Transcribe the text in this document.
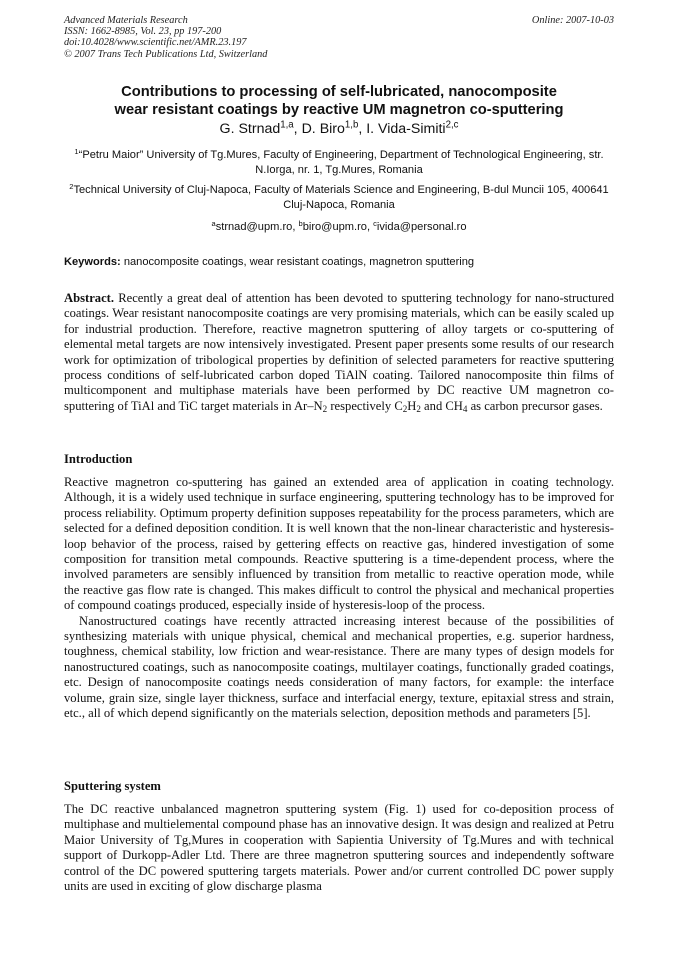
Advanced Materials Research
ISSN: 1662-8985, Vol. 23, pp 197-200
doi:10.4028/www.scientific.net/AMR.23.197
© 2007 Trans Tech Publications Ltd, Switzerland
Online: 2007-10-03
Contributions to processing of self-lubricated, nanocomposite
wear resistant coatings by reactive UM magnetron co-sputtering
G. Strnad$^{1,a}$, D. Biro$^{1,b}$, I. Vida-Simiti$^{2,c}$
$^1$“Petru Maior” University of Tg.Mures, Faculty of Engineering, Department of Technological Engineering, str. N.Iorga, nr. 1, Tg.Mures, Romania
$^2$Technical University of Cluj-Napoca, Faculty of Materials Science and Engineering, B-dul Muncii 105, 400641 Cluj-Napoca, Romania
$^a$strnad@upm.ro, $^b$biro@upm.ro, $^c$ivida@personal.ro
Keywords: nanocomposite coatings, wear resistant coatings, magnetron sputtering

Abstract. Recently a great deal of attention has been devoted to sputtering technology for nano-structured coatings. Wear resistant nanocomposite coatings are very promising materials, which can be easily scaled up for industrial production. Therefore, reactive magnetron sputtering of alloy targets or co-sputtering of elemental metal targets are now intensively investigated. Present paper presents some results of our research work for optimization of tribological properties by definition of selected parameters for reactive sputtering process conditions of self-lubricated carbon doped TiAlN coating. Tailored nanocomposite thin films of multicomponent and multiphase materials have been performed by DC reactive UM magnetron co-sputtering of TiAl and TiC target materials in $Ar-N_2$ respectively $C_2H_2$ and $CH_4$ as carbon precursor gases.

Introduction

Reactive magnetron co-sputtering has gained an extended area of application in coating technology. Although, it is a widely used technique in surface engineering, sputtering technology has to be improved for process reliability. Optimum property definition supposes repeatability for the process parameters, which are selected for a defined deposition condition. It is well known that the non-linear characteristic and hysteresis-loop behavior of the process, raised by gettering effects on reactive gas, hindered investigation of some composition for transition metal compounds. Reactive sputtering is a time-dependent process, where the involved parameters are sensibly influenced by transition from metallic to reactive operation mode, while the reactive gas flow rate is changed. This makes difficult to control the physical and mechanical properties of compound coatings produced, especially inside of hysteresis-loop of the process.

Nanostructured coatings have recently attracted increasing interest because of the possibilities of synthesizing materials with unique physical, chemical and mechanical properties, e.g. superior hardness, toughness, chemical stability, low friction and wear-resistance. There are many types of design models for nanostructured coatings, such as nanocomposite coatings, multilayer coatings, functionally graded coatings, etc. Design of nanocomposite coatings needs consideration of many factors, for example: the interface volume, grain size, single layer thickness, surface and interfacial energy, texture, epitaxial stress and strain, etc., all of which depend significantly on the materials selection, deposition methods and parameters [5].

Sputtering system

The DC reactive unbalanced magnetron sputtering system (Fig. 1) used for co-deposition process of multiphase and multielemental compound phase has an innovative design. It was design and realized at Petru Maior University of Tg,Mures in cooperation with Sapientia University of Tg.Mures and with technical support of Durkopp-Adler Ltd. There are three magnetron sputtering sources and independently software control of the DC powered sputtering targets materials. Power and/or current controlled DC power supply units are used in exciting of glow discharge plasma
